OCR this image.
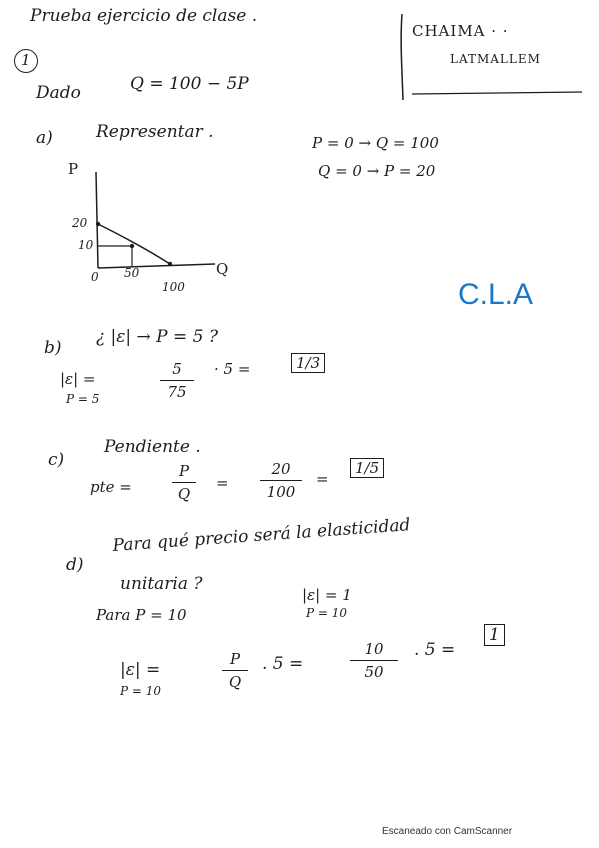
Prueba ejercicio de clase .
CHAIMA · ·
LATMALLEM
1
Dado	Q = 100 − 5P
a)	Representar .
P = 0 → Q = 100
Q = 0 → P = 20
P
Q
20
10
0 50
100	C.L.A
b)
¿ |ε| → P = 5 ?
|ε| =
P = 5
5
75
· 5 =	1/3
c)
Pendiente .
pte =
P
Q
=
20
100
=
1/5
d)
Para qué precio será la elasticidad
unitaria ?
Para P = 10
|ε| = 1
P = 10
|ε| =
P = 10
P
Q
. 5 =
10
50
. 5 =
1
Escaneado con CamScanner
